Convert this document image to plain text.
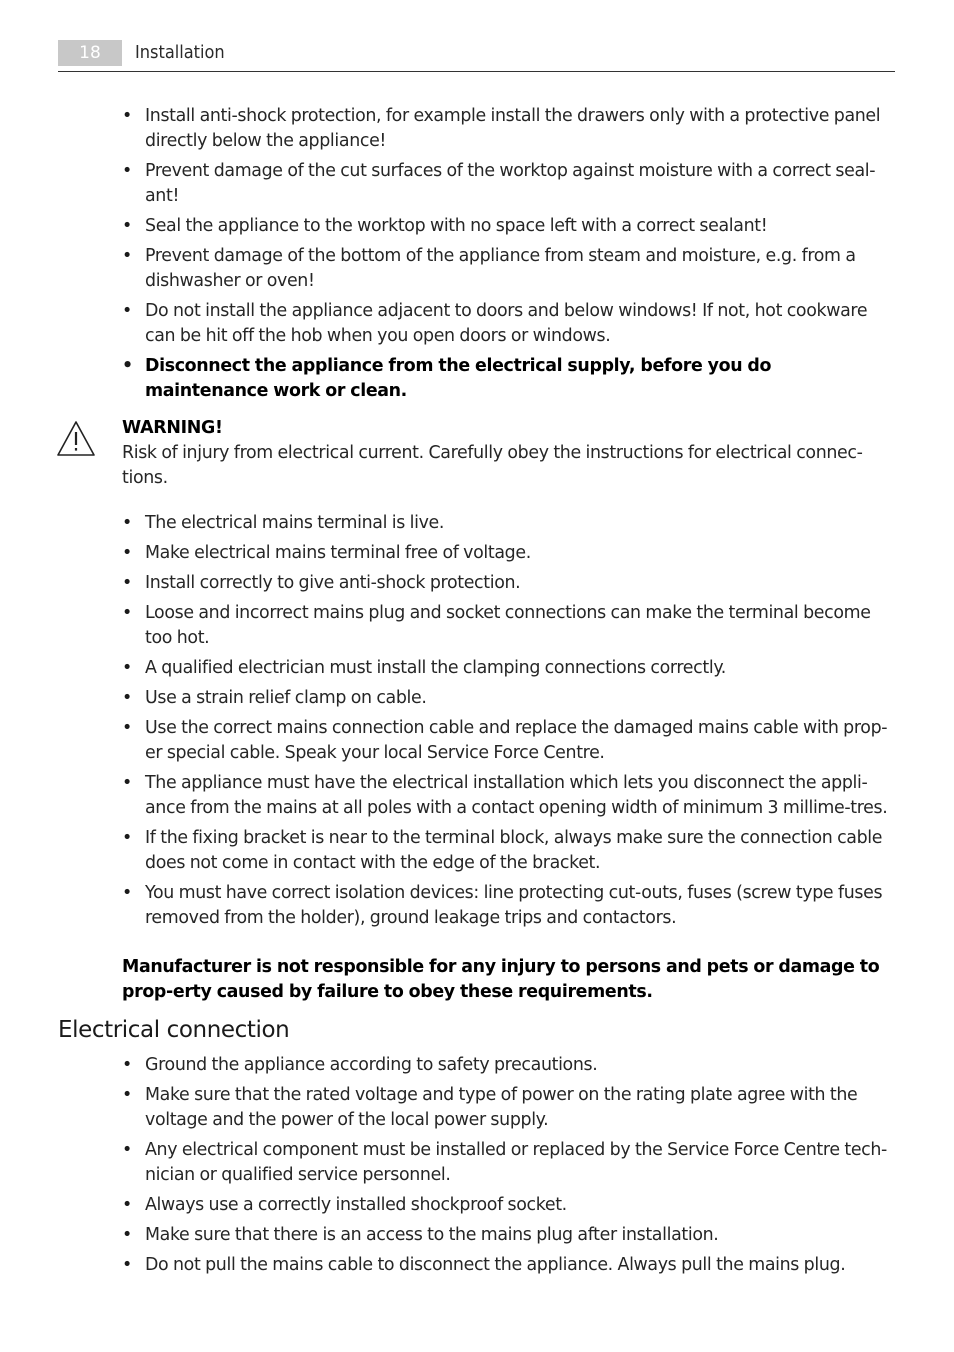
18	Installation
• Install anti-shock protection, for example install the drawers only with a protective panel directly below the appliance!
• Prevent damage of the cut surfaces of the worktop against moisture with a correct seal-ant!
• Seal the appliance to the worktop with no space left with a correct sealant!
• Prevent damage of the bottom of the appliance from steam and moisture, e.g. from a dishwasher or oven!
• Do not install the appliance adjacent to doors and below windows! If not, hot cookware can be hit off the hob when you open doors or windows.
• Disconnect the appliance from the electrical supply, before you do maintenance work or clean.
WARNING!
Risk of injury from electrical current. Carefully obey the instructions for electrical connec-tions.
• The electrical mains terminal is live.
• Make electrical mains terminal free of voltage.
• Install correctly to give anti-shock protection.
• Loose and incorrect mains plug and socket connections can make the terminal become too hot.
• A qualified electrician must install the clamping connections correctly.
• Use a strain relief clamp on cable.
• Use the correct mains connection cable and replace the damaged mains cable with prop-er special cable. Speak your local Service Force Centre.
• The appliance must have the electrical installation which lets you disconnect the appli-ance from the mains at all poles with a contact opening width of minimum 3 millime-tres.
• If the fixing bracket is near to the terminal block, always make sure the connection cable does not come in contact with the edge of the bracket.
• You must have correct isolation devices: line protecting cut-outs, fuses (screw type fuses removed from the holder), ground leakage trips and contactors.
Manufacturer is not responsible for any injury to persons and pets or damage to prop-erty caused by failure to obey these requirements.
Electrical connection
• Ground the appliance according to safety precautions.
• Make sure that the rated voltage and type of power on the rating plate agree with the voltage and the power of the local power supply.
• Any electrical component must be installed or replaced by the Service Force Centre tech-nician or qualified service personnel.
• Always use a correctly installed shockproof socket.
• Make sure that there is an access to the mains plug after installation.
• Do not pull the mains cable to disconnect the appliance. Always pull the mains plug.
